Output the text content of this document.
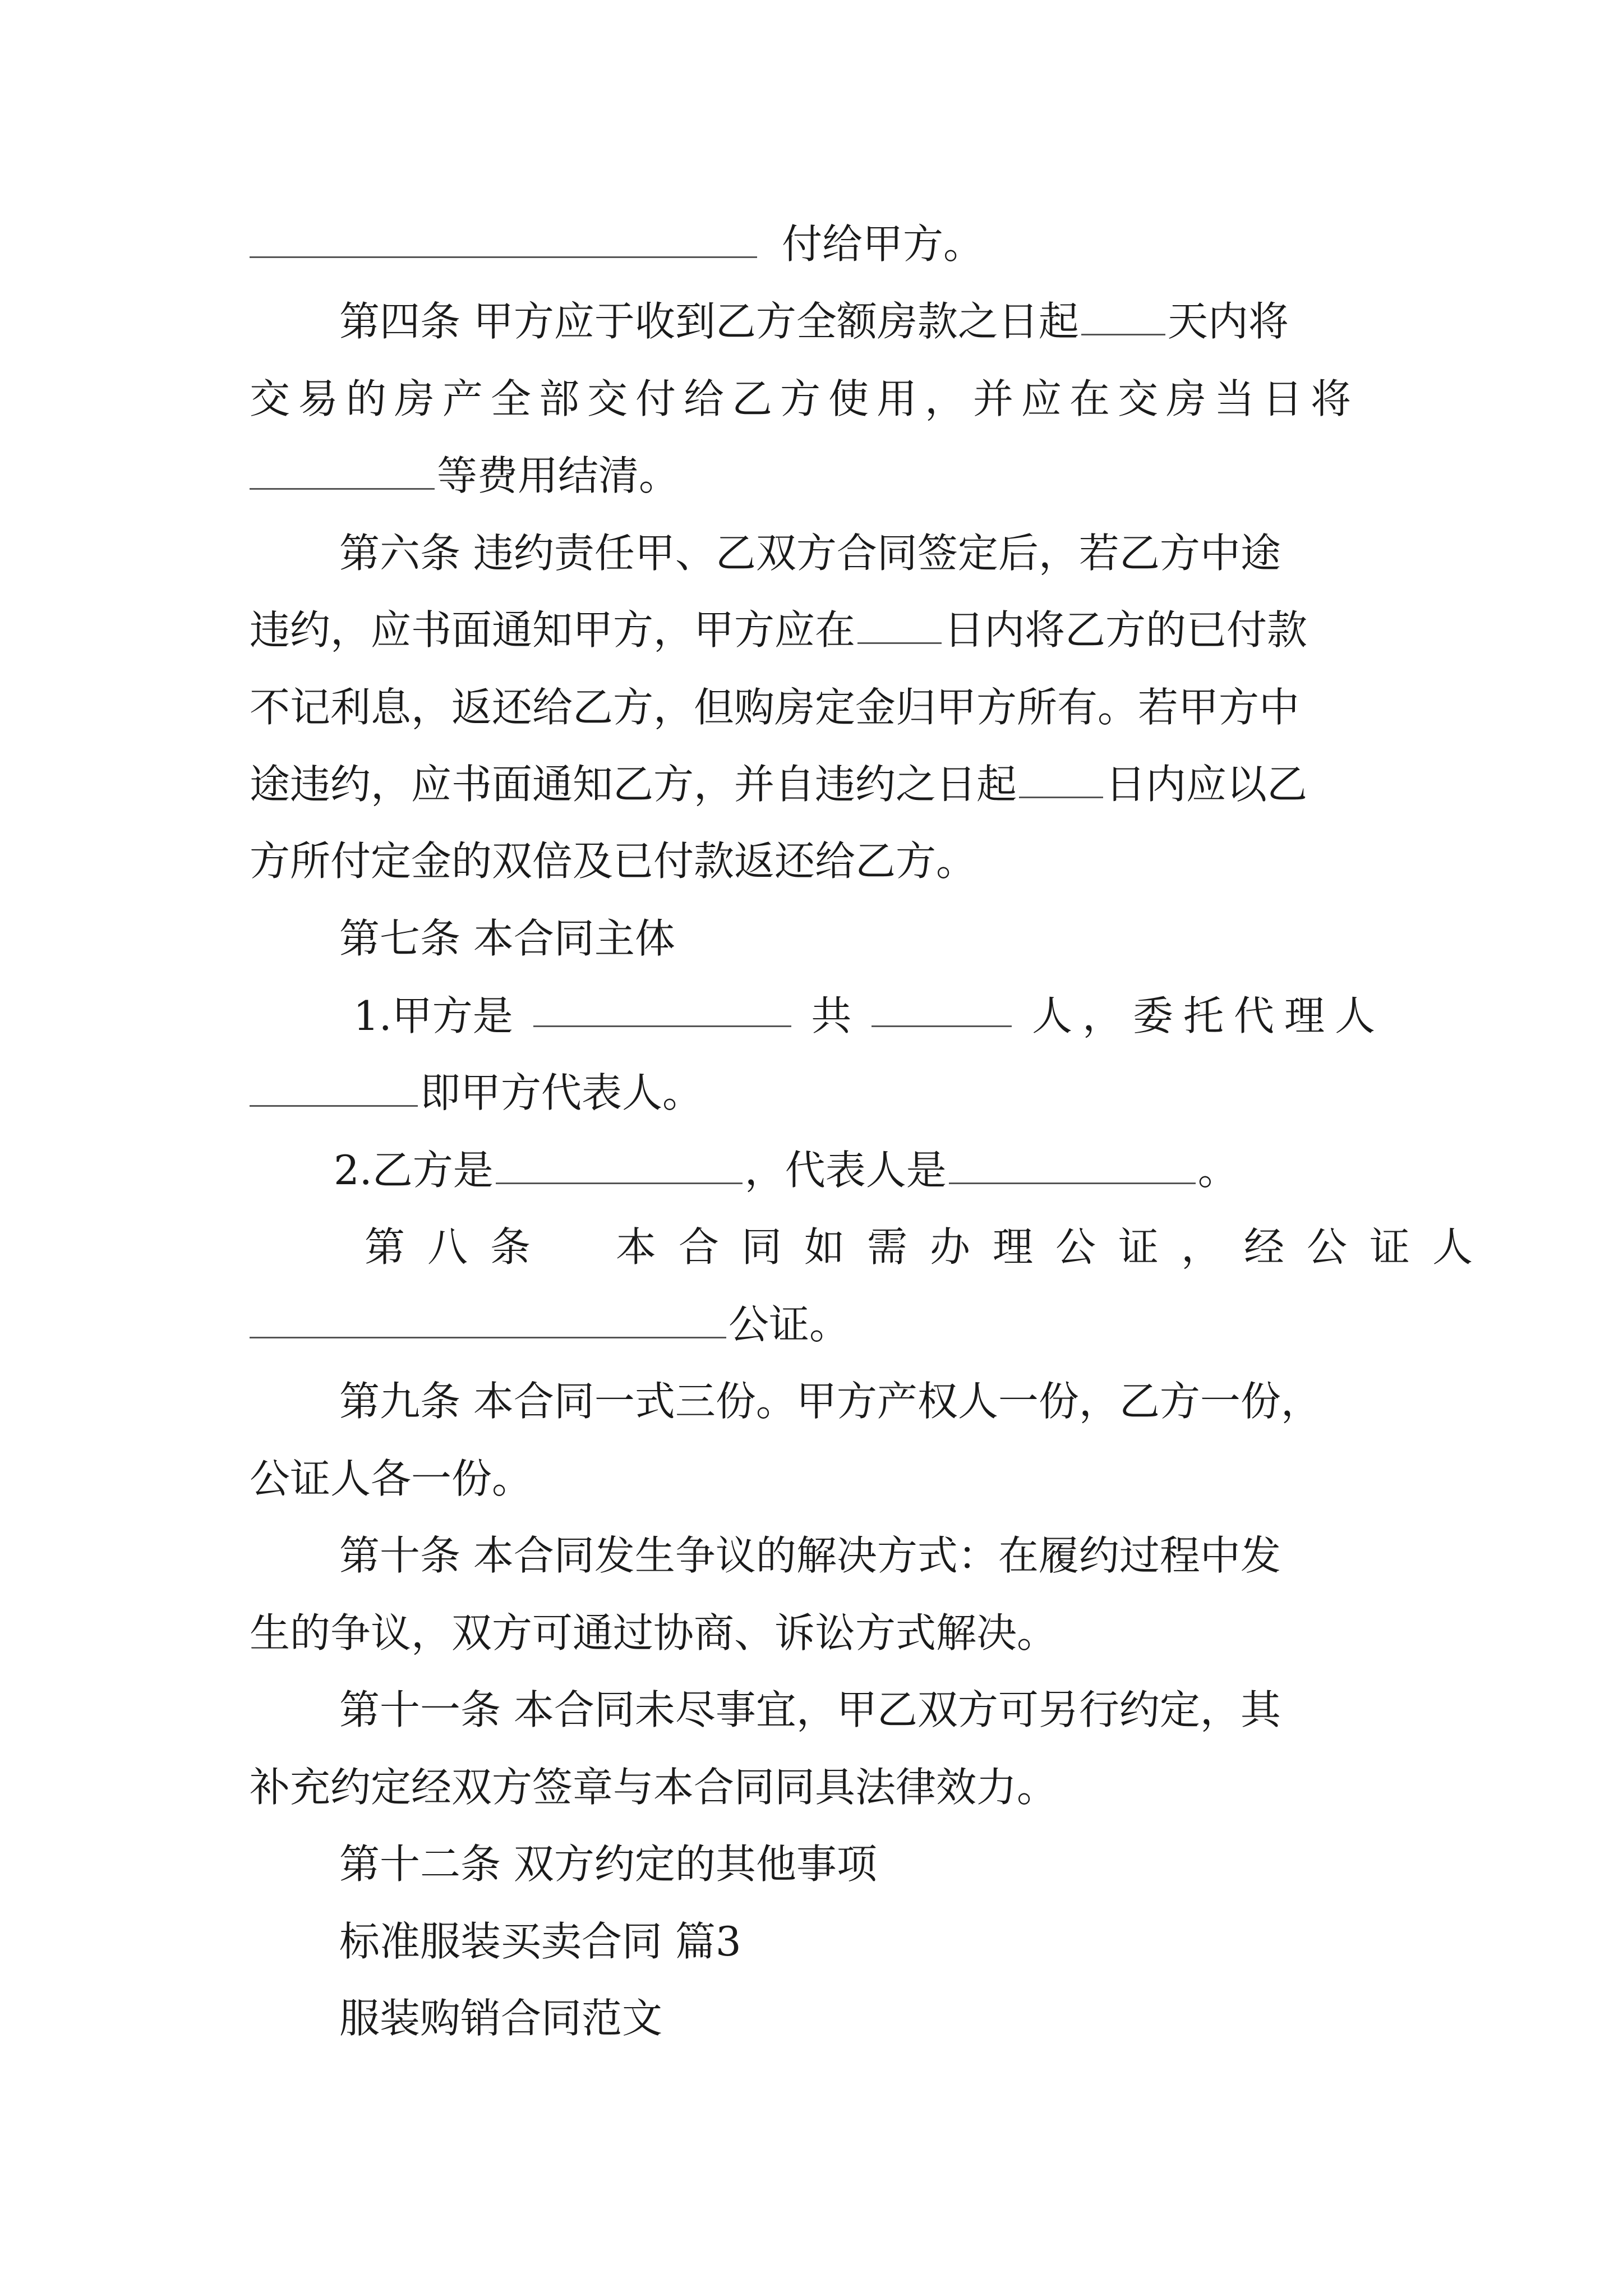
付给甲方。
第四条 甲方应于收到乙方全额房款之日起 天内将
交易的房产全部交付给乙方使用，并应在交房当日将
等费用结清。
第六条 违约责任甲、乙双方合同签定后，若乙方中途
违约，应书面通知甲方，甲方应在 日内将乙方的已付款
不记利息，返还给乙方，但购房定金归甲方所有。若甲方中
途违约，应书面通知乙方，并自违约之日起 日内应以乙
方所付定金的双倍及已付款返还给乙方。
第七条 本合同主体
1.甲方是	共	人，委托代理人
即甲方代表人。
2.乙方是	，代表人是	。
第八条　本合同如需办理公证，经公证人
公证。
第九条 本合同一式三份。甲方产权人一份，乙方一份，
公证人各一份。
第十条 本合同发生争议的解决方式：在履约过程中发
生的争议，双方可通过协商、诉讼方式解决。
第十一条 本合同未尽事宜，甲乙双方可另行约定，其
补充约定经双方签章与本合同同具法律效力。
第十二条 双方约定的其他事项
标准服装买卖合同 篇3
服装购销合同范文
